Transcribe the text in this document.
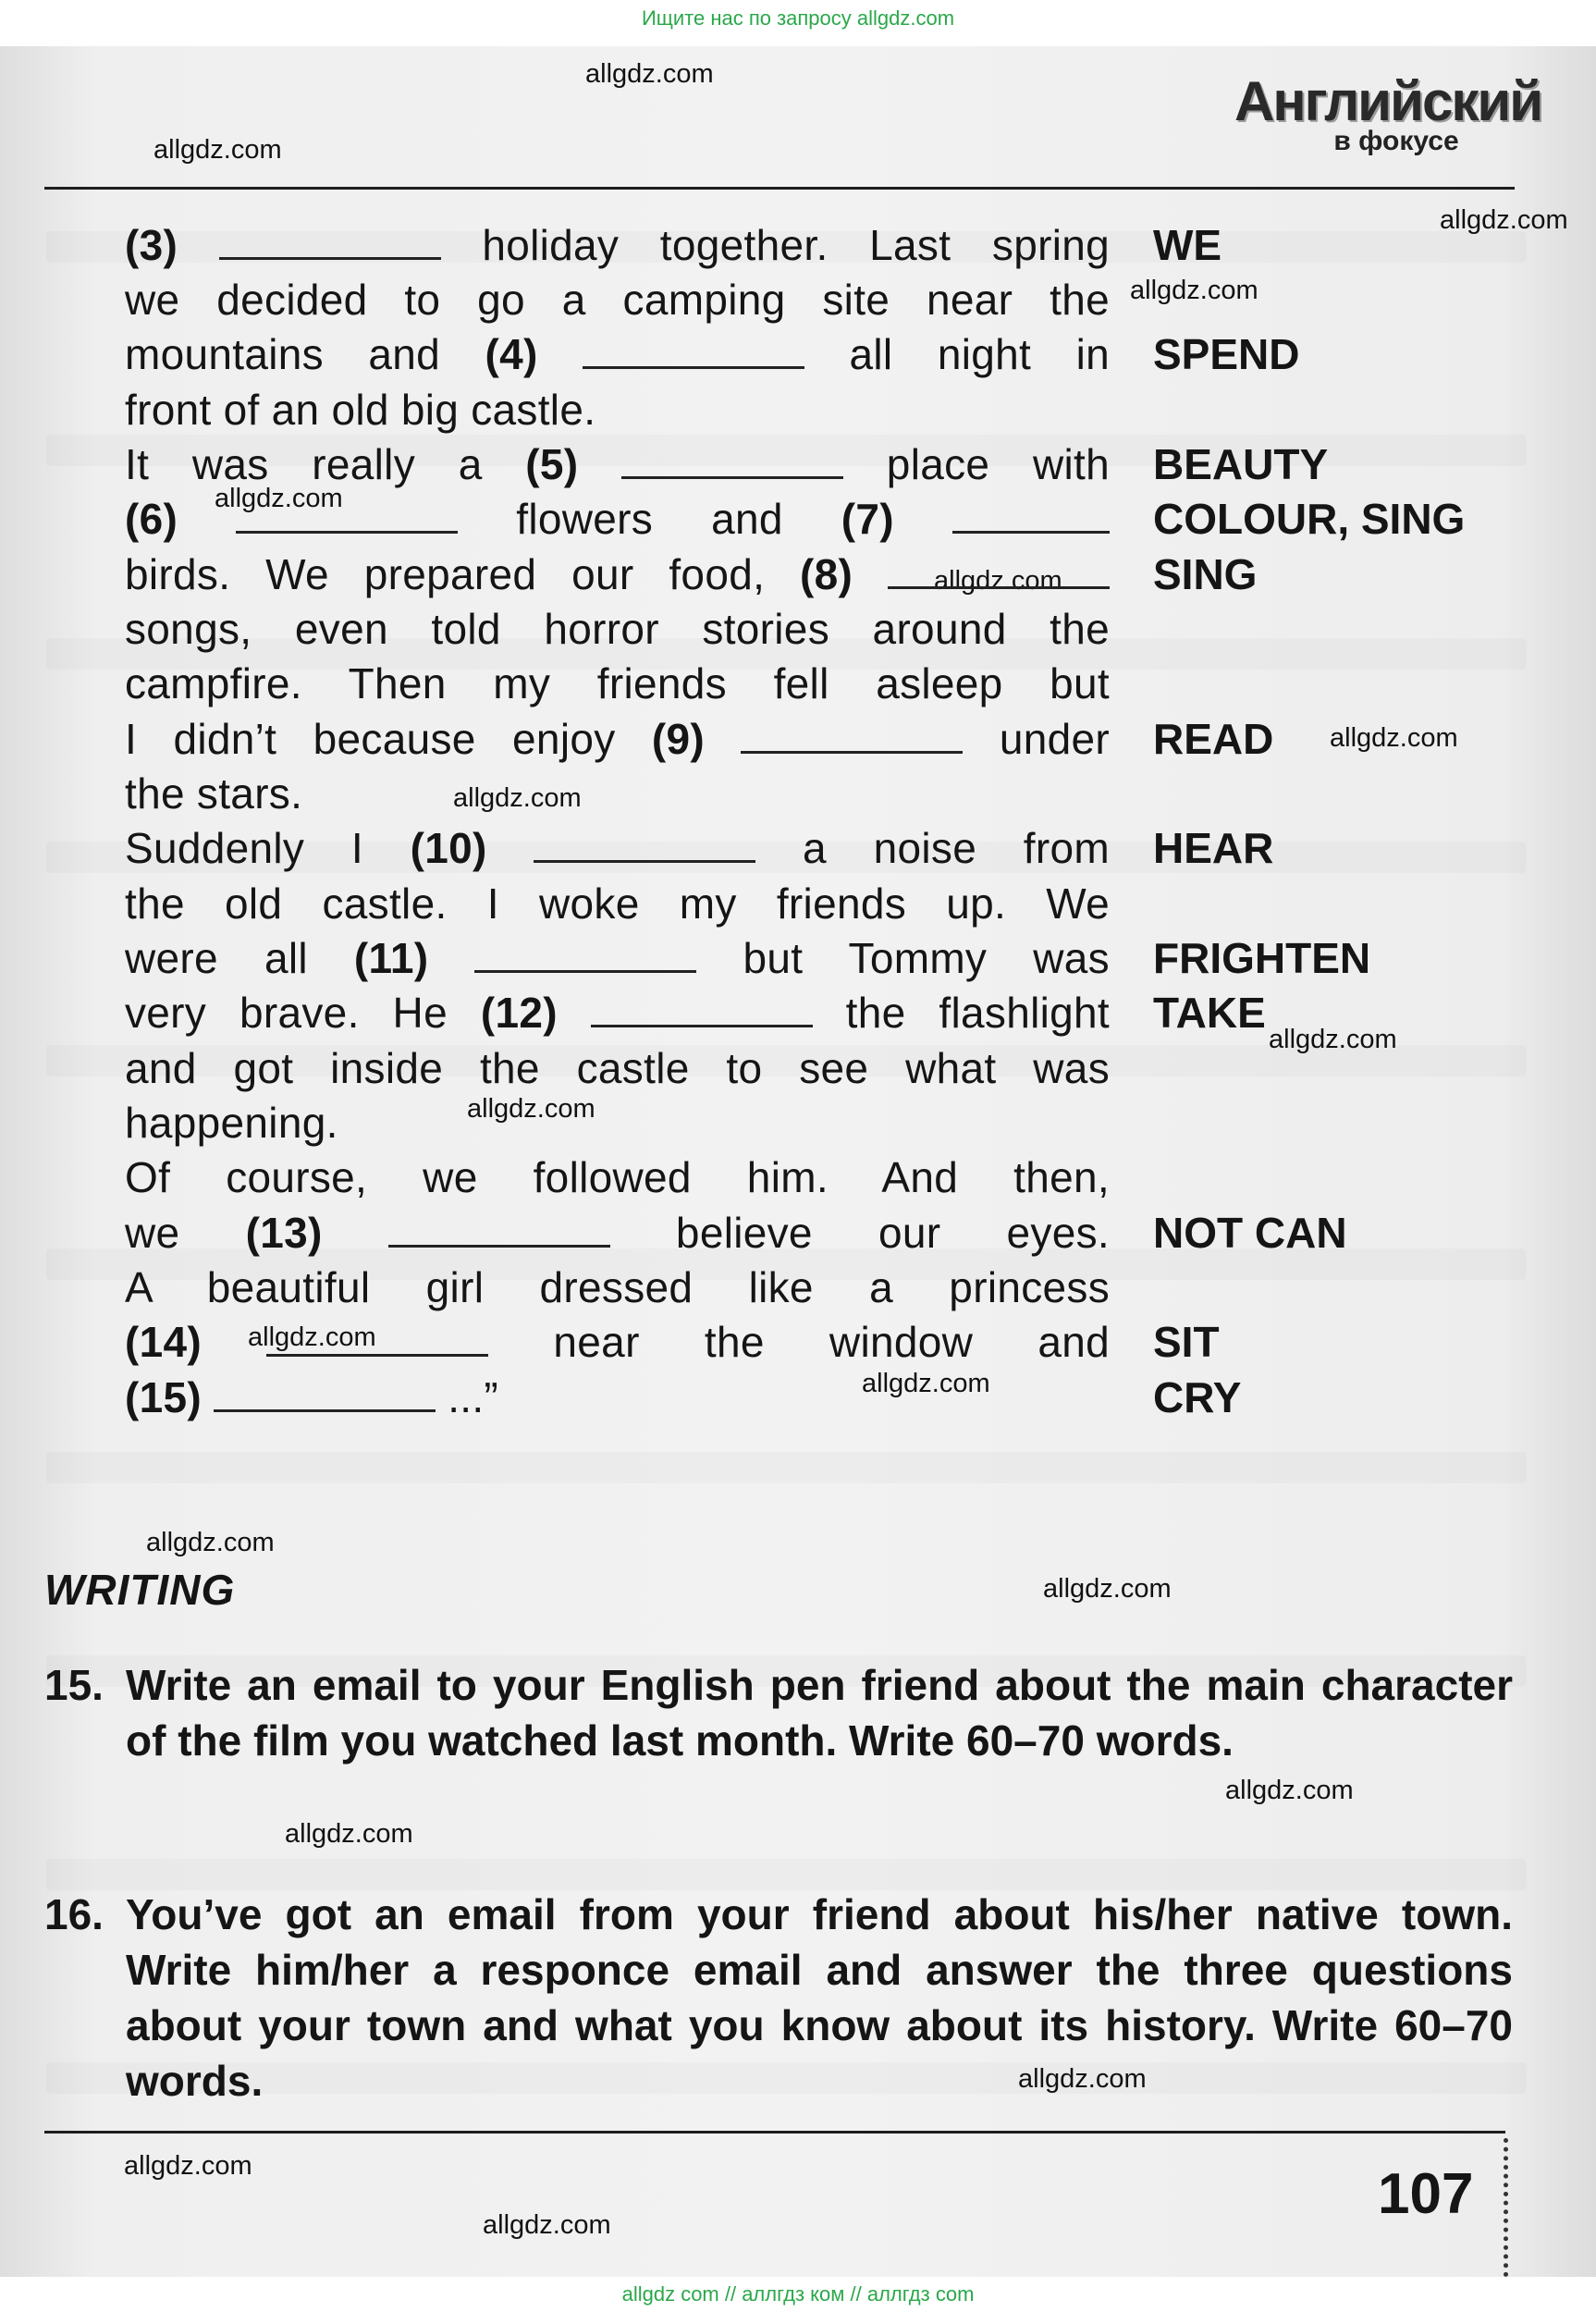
Ищите нас по запросу allgdz.com
allgdz.com
allgdz.com
allgdz.com
allgdz.com
allgdz.com
allgdz.com
allgdz.com
allgdz.com
allgdz.com
allgdz.com
allgdz.com
allgdz.com
allgdz.com
allgdz.com
allgdz.com
allgdz.com
allgdz.com
allgdz.com
allgdz.com
Английский
в фокусе
(3)	holiday together. Last spring WE
we decided to go a camping site near the
mountains and (4)	all night in SPEND
front of an old big castle.
It was really a (5)	place with BEAUTY
(6)	flowers and (7)	COLOUR, SING
birds. We prepared our food, (8)	SING
songs, even told horror stories around the
campfire. Then my friends fell asleep but
I didn’t because enjoy (9)	under READ
the stars.
Suddenly I (10)	a noise from HEAR
the old castle. I woke my friends up. We
were all (11)	but Tommy was FRIGHTEN
very brave. He (12)	the flashlight TAKE
and got inside the castle to see what was
happening.
Of course, we followed him. And then,
we (13)	believe our eyes. NOT CAN
A beautiful girl dressed like a princess
(14)	near the window and SIT
(15)	...”	CRY
WRITING
15. Write an email to your English pen friend about the main character of the film you watched last month. Write 60–70 words.
16. You’ve got an email from your friend about his/her native town. Write him/her a responce email and answer the three questions about your town and what you know about its history. Write 60–70 words.
107
allgdz com // аллгдз ком // аллгдз com
